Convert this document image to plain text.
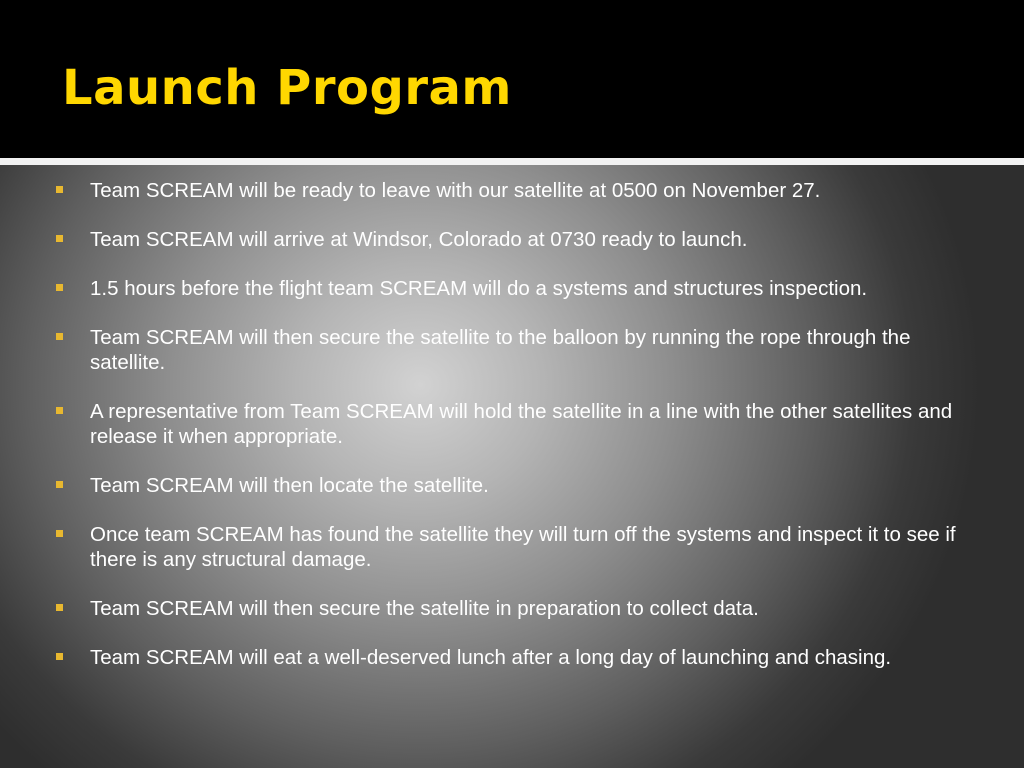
Launch Program
Team SCREAM will be ready to leave with our satellite at 0500 on November 27.
Team SCREAM will arrive at Windsor, Colorado at 0730 ready to launch.
1.5 hours before the flight team SCREAM will do a systems and structures inspection.
Team SCREAM will then secure the satellite to the balloon by running the rope through the satellite.
A representative from Team SCREAM will hold the satellite in a line with the other satellites and release it when appropriate.
Team SCREAM will then locate the satellite.
Once team SCREAM has found the satellite they will turn off the systems and inspect it to see if there is any structural damage.
Team SCREAM will then secure the satellite in preparation to collect data.
Team SCREAM will eat a well-deserved lunch after a long day of launching and chasing.
